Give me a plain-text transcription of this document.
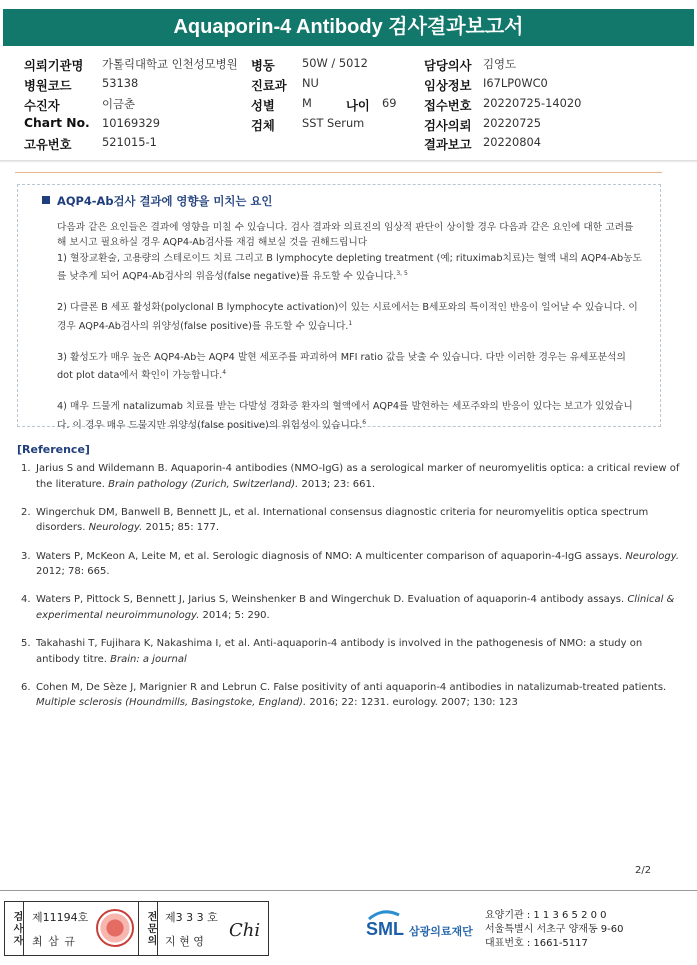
Aquaporin-4 Antibody 검사결과보고서
의뢰기관명 가톨릭대학교 인천성모병원 병동 50W / 5012	담당의사 김영도
병원코드	53138	진료과 NU	임상정보 I67LP0WC0
수진자	이금춘	성별 M	나이 69 접수번호 20220725-14020
Chart No. 10169329	검체 SST Serum	검사의뢰 20220725
고유번호	521015-1	결과보고 20220804
AQP4-Ab검사 결과에 영향을 미치는 요인

다음과 같은 요인들은 결과에 영향을 미칠 수 있습니다. 검사 결과와 의료진의 임상적 판단이 상이할 경우 다음과 같은 요인에 대한 고려를 해 보시고 필요하실 경우 AQP4-Ab검사를 재검 해보실 것을 권해드립니다
1) 혈장교환술, 고용량의 스테로이드 치료 그리고 B lymphocyte depleting treatment (예; rituximab치료)는 혈액 내의 AQP4-Ab농도를 낮추게 되어 AQP4-Ab검사의 위음성(false negative)를 유도할 수 있습니다.$^{3, 5}$

2) 다클론 B 세포 활성화(polyclonal B lymphocyte activation)이 있는 시료에서는 B세포와의 특이적인 반응이 일어날 수 있습니다. 이 경우 AQP4-Ab검사의 위양성(false positive)를 유도할 수 있습니다.$^1$

3) 활성도가 매우 높은 AQP4-Ab는 AQP4 발현 세포주를 파괴하여 MFI ratio 값을 낮출 수 있습니다. 다만 이러한 경우는 유세포분석의 dot plot data에서 확인이 가능합니다.$^4$

4) 매우 드물게 natalizumab 치료를 받는 다발성 경화증 환자의 혈액에서 AQP4를 발현하는 세포주와의 반응이 있다는 보고가 있었습니다. 이 경우 매우 드물지만 위양성(false positive)의 위험성이 있습니다.$^6$

[Reference]
1. Jarius S and Wildemann B. Aquaporin-4 antibodies (NMO-IgG) as a serological marker of neuromyelitis optica: a critical review of the literature. Brain pathology (Zurich, Switzerland). 2013; 23: 661.
2. Wingerchuk DM, Banwell B, Bennett JL, et al. International consensus diagnostic criteria for neuromyelitis optica spectrum disorders. Neurology. 2015; 85: 177.
3. Waters P, McKeon A, Leite M, et al. Serologic diagnosis of NMO: A multicenter comparison of aquaporin-4-IgG assays. Neurology. 2012; 78: 665.
4. Waters P, Pittock S, Bennett J, Jarius S, Weinshenker B and Wingerchuk D. Evaluation of aquaporin-4 antibody assays. Clinical & experimental neuroimmunology. 2014; 5: 290.
5. Takahashi T, Fujihara K, Nakashima I, et al. Anti-aquaporin-4 antibody is involved in the pathogenesis of NMO: a study on antibody titre. Brain: a journal
6. Cohen M, De Sèze J, Marignier R and Lebrun C. False positivity of anti aquaporin-4 antibodies in natalizumab-treated patients. Multiple sclerosis (Houndmills, Basingstoke, England). 2016; 22: 1231. eurology. 2007; 130: 123
2/2
검사자 제11194호
최 삼 규	전문의 제3 3 3 호
지 현 영
Chi	SML 삼광의료재단
요양기관 : 1 1 3 6 5 2 0 0
서울특별시 서초구 양재동 9-60
대표번호 : 1661-5117
